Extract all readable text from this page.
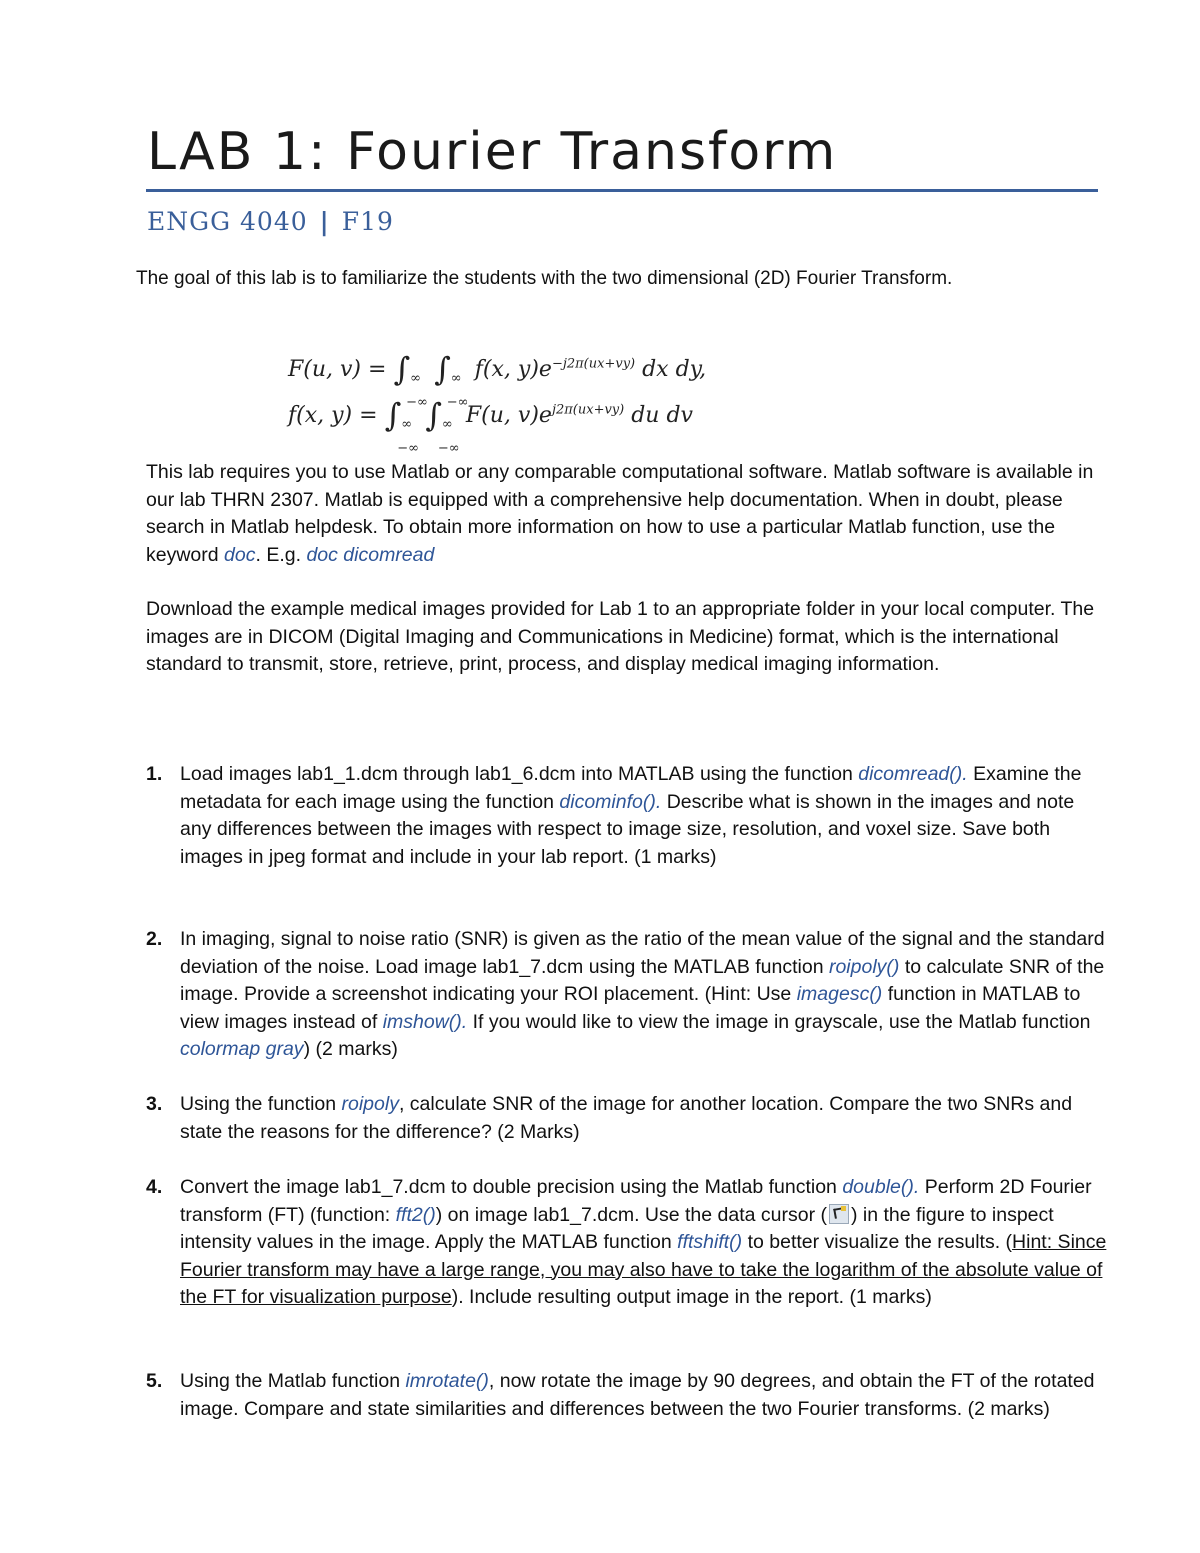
LAB 1: Fourier Transform
ENGG 4040 | F19
The goal of this lab is to familiarize the students with the two dimensional (2D) Fourier Transform.
F(u, v) = ∫ ∞
−∞
∫ ∞
−∞
f(x, $y)e^{-j2\pi(ux+vy)}$ dx dy,
f(x, y) = ∫ ∞
−∞
∫ ∞
−∞
F(u, $v)e^{j2\pi(ux+vy)}$ du dv

This lab requires you to use Matlab or any comparable computational software. Matlab software is available in our lab THRN 2307. Matlab is equipped with a comprehensive help documentation. When in doubt, please search in Matlab helpdesk. To obtain more information on how to use a particular Matlab function, use the keyword doc. E.g. doc dicomread

Download the example medical images provided for Lab 1 to an appropriate folder in your local computer. The images are in DICOM (Digital Imaging and Communications in Medicine) format, which is the international standard to transmit, store, retrieve, print, process, and display medical imaging information.

1. Load images lab1_1.dcm through lab1_6.dcm into MATLAB using the function dicomread(). Examine the metadata for each image using the function dicominfo(). Describe what is shown in the images and note any differences between the images with respect to image size, resolution, and voxel size. Save both images in jpeg format and include in your lab report. (1 marks)
2. In imaging, signal to noise ratio (SNR) is given as the ratio of the mean value of the signal and the standard deviation of the noise. Load image lab1_7.dcm using the MATLAB function roipoly() to calculate SNR of the image. Provide a screenshot indicating your ROI placement. (Hint: Use imagesc() function in MATLAB to view images instead of imshow(). If you would like to view the image in grayscale, use the Matlab function colormap gray) (2 marks)
3. Using the function roipoly, calculate SNR of the image for another location. Compare the two SNRs and state the reasons for the difference? (2 Marks)
4. Convert the image lab1_7.dcm to double precision using the Matlab function double(). Perform 2D Fourier transform (FT) (function: fft2()) on image lab1_7.dcm. Use the data cursor ( ) in the figure to inspect intensity values in the image. Apply the MATLAB function fftshift() to better visualize the results. (Hint: Since Fourier transform may have a large range, you may also have to take the logarithm of the absolute value of the FT for visualization purpose). Include resulting output image in the report. (1 marks)
5. Using the Matlab function imrotate(), now rotate the image by 90 degrees, and obtain the FT of the rotated image. Compare and state similarities and differences between the two Fourier transforms. (2 marks)
